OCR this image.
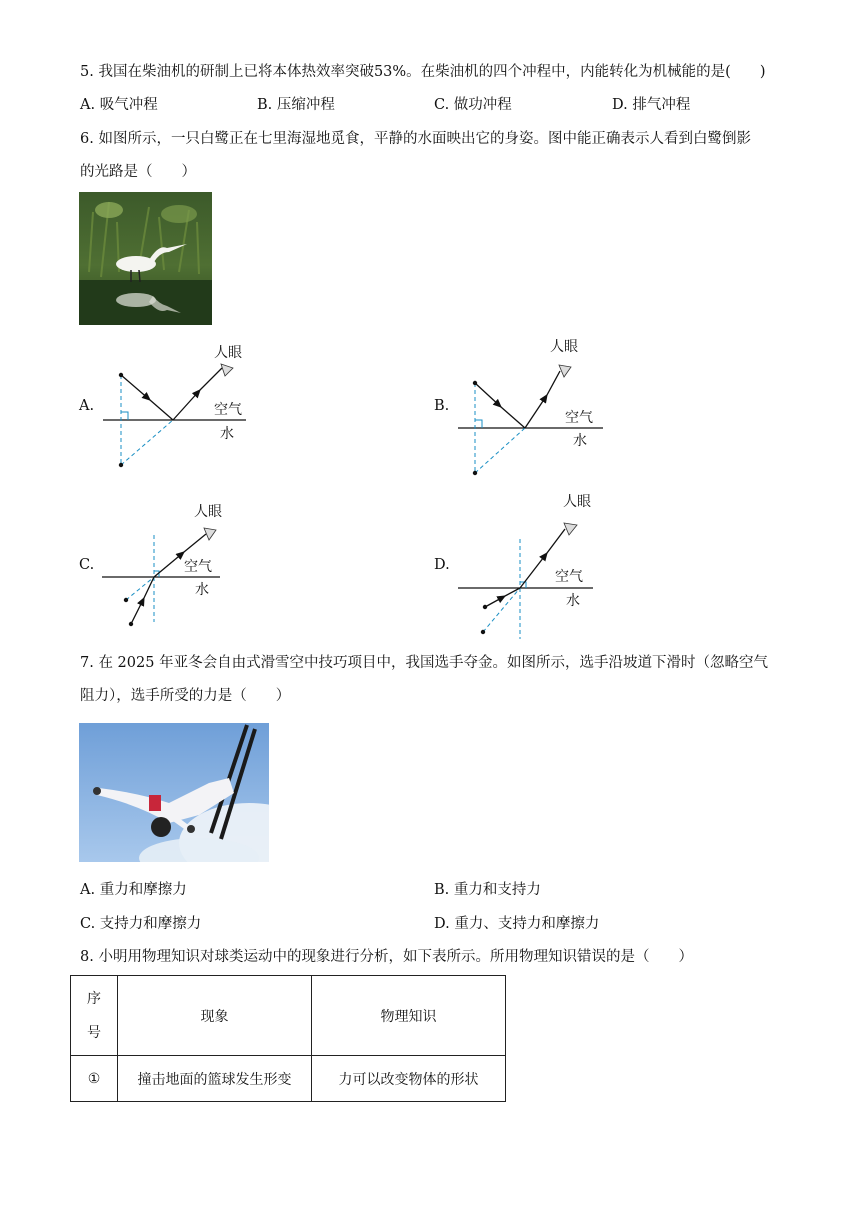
5. 我国在柴油机的研制上已将本体热效率突破53%。在柴油机的四个冲程中，内能转化为机械能的是(　　)
A. 吸气冲程	B. 压缩冲程	C. 做功冲程	D. 排气冲程
6. 如图所示，一只白鹭正在七里海湿地觅食，平静的水面映出它的身姿。图中能正确表示人看到白鹭倒影
的光路是（　　）
人眼
空气
水
A.
人眼
空气
水
B.
人眼
空气
水
C.
人眼
空气
水
D.
7. 在 2025 年亚冬会自由式滑雪空中技巧项目中，我国选手夺金。如图所示，选手沿坡道下滑时（忽略空气
阻力），选手所受的力是（　　）
A. 重力和摩擦力	B. 重力和支持力
C. 支持力和摩擦力	D. 重力、支持力和摩擦力
8. 小明用物理知识对球类运动中的现象进行分析，如下表所示。所用物理知识错误的是（　　）
序号	现象	物理知识
①	撞击地面的篮球发生形变	力可以改变物体的形状
